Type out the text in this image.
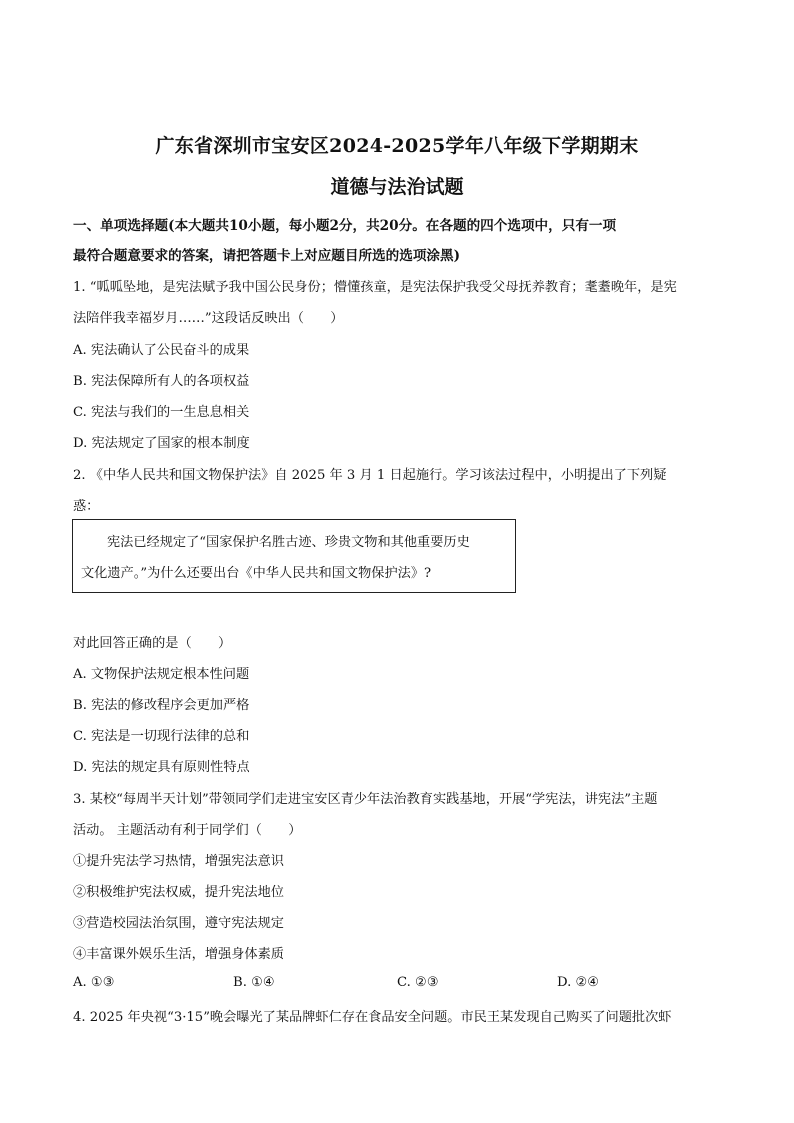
广东省深圳市宝安区2024-2025学年八年级下学期期末
道德与法治试题
一、单项选择题(本大题共10小题，每小题2分，共20分。在各题的四个选项中，只有一项
最符合题意要求的答案，请把答题卡上对应题目所选的选项涂黑)
1. “呱呱坠地，是宪法赋予我中国公民身份；懵懂孩童，是宪法保护我受父母抚养教育；耄耋晚年，是宪
法陪伴我幸福岁月……”这段话反映出（　　）
A. 宪法确认了公民奋斗的成果
B. 宪法保障所有人的各项权益
C. 宪法与我们的一生息息相关
D. 宪法规定了国家的根本制度
2. 《中华人民共和国文物保护法》自 2025 年 3 月 1 日起施行。学习该法过程中，小明提出了下列疑
惑：
宪法已经规定了“国家保护名胜古迹、珍贵文物和其他重要历史
文化遗产。”为什么还要出台《中华人民共和国文物保护法》?
对此回答正确的是（　　）
A. 文物保护法规定根本性问题
B. 宪法的修改程序会更加严格
C. 宪法是一切现行法律的总和
D. 宪法的规定具有原则性特点
3. 某校“每周半天计划”带领同学们走进宝安区青少年法治教育实践基地，开展“学宪法，讲宪法”主题
活动。 主题活动有利于同学们（　　）
①提升宪法学习热情，增强宪法意识
②积极维护宪法权威，提升宪法地位
③营造校园法治氛围，遵守宪法规定
④丰富课外娱乐生活，增强身体素质
A. ①③	B. ①④	C. ②③	D. ②④
4. 2025 年央视“3·15”晚会曝光了某品牌虾仁存在食品安全问题。市民王某发现自己购买了问题批次虾
